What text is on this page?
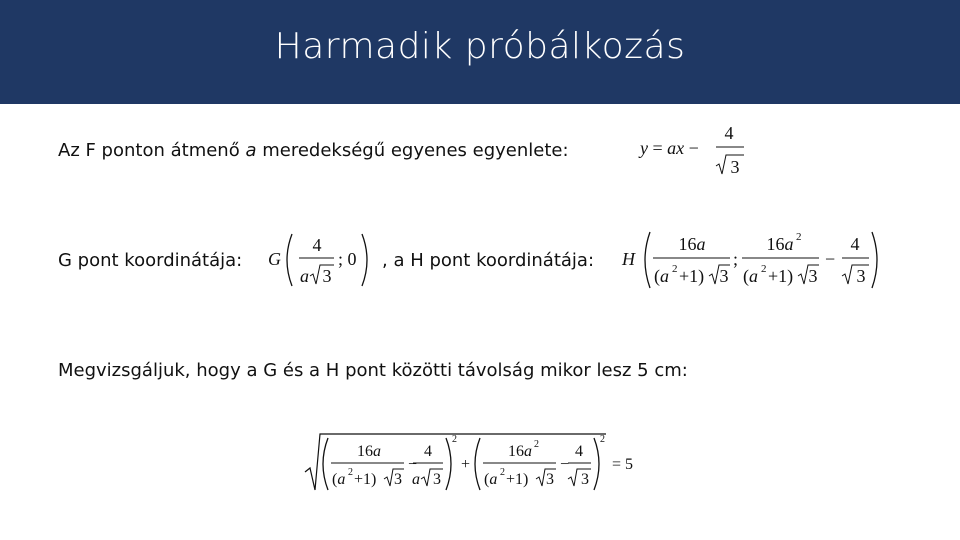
Harmadik próbálkozás
Az F ponton átmenő a meredekségű egyenes egyenlete:	y = ax −
4
3
G pont koordinátája: G
4
a 3
; 0 , a H pont koordinátája: H
16a
(a 2 +1) 3
;
16a 2
(a 2 +1) 3
−
4
3
Megvizsgáljuk, hogy a G és a H pont közötti távolság mikor lesz 5 cm:
16a
(a 2 +1) 3
−
4
a 3
2
+
16a 2
(a 2 +1) 3
−
4
3
2
= 5
